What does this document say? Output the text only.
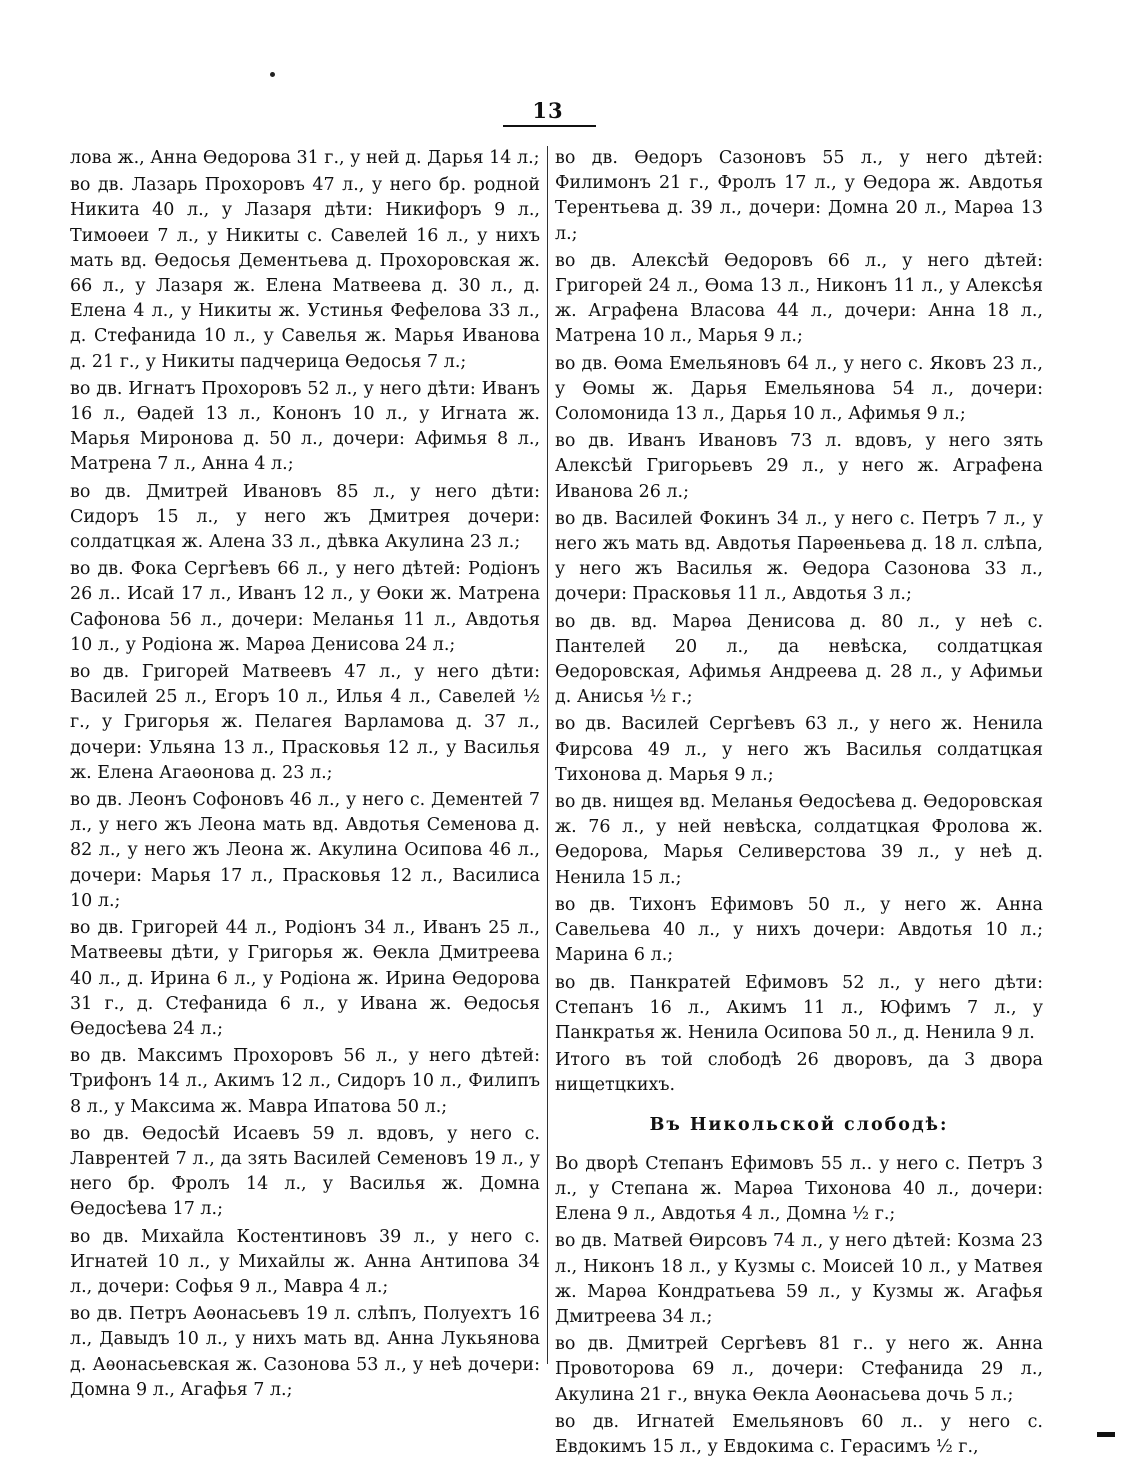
13

лова ж., Анна Ѳедорова 31 г., у ней д. Дарья 14 л.;

во дв. Лазарь Прохоровъ 47 л., у него бр. родной Никита 40 л., у Лазаря дѣти: Никифоръ 9 л., Тимоѳеи 7 л., у Никиты с. Савелей 16 л., у нихъ мать вд. Ѳедосья Дементьева д. Прохоровская ж. 66 л., у Лазаря ж. Елена Матвеева д. 30 л., д. Елена 4 л., у Никиты ж. Устинья Фефелова 33 л., д. Стефанида 10 л., у Савелья ж. Марья Иванова д. 21 г., у Никиты падчерица Ѳедосья 7 л.;

во дв. Игнатъ Прохоровъ 52 л., у него дѣти: Иванъ 16 л., Ѳадей 13 л., Кононъ 10 л., у Игната ж. Марья Миронова д. 50 л., дочери: Афимья 8 л., Матрена 7 л., Анна 4 л.;

во дв. Дмитрей Ивановъ 85 л., у него дѣти: Сидоръ 15 л., у него жъ Дмитрея дочери: солдатцкая ж. Алена 33 л., дѣвка Акулина 23 л.;

во дв. Фока Сергѣевъ 66 л., у него дѣтей: Родіонъ 26 л.. Исай 17 л., Иванъ 12 л., у Ѳоки ж. Матрена Сафонова 56 л., дочери: Меланья 11 л., Авдотья 10 л., у Родіона ж. Марѳа Денисова 24 л.;

во дв. Григорей Матвеевъ 47 л., у него дѣти: Василей 25 л., Егоръ 10 л., Илья 4 л., Савелей ½ г., у Григорья ж. Пелагея Варламова д. 37 л., дочери: Ульяна 13 л., Прасковья 12 л., у Василья ж. Елена Агаѳонова д. 23 л.;

во дв. Леонъ Софоновъ 46 л., у него с. Дементей 7 л., у него жъ Леона мать вд. Авдотья Семенова д. 82 л., у него жъ Леона ж. Акулина Осипова 46 л., дочери: Марья 17 л., Прасковья 12 л., Василиса 10 л.;

во дв. Григорей 44 л., Родіонъ 34 л., Иванъ 25 л., Матвеевы дѣти, у Григорья ж. Ѳекла Дмитреева 40 л., д. Ирина 6 л., у Родіона ж. Ирина Ѳедорова 31 г., д. Стефанида 6 л., у Ивана ж. Ѳедосья Ѳедосѣева 24 л.;

во дв. Максимъ Прохоровъ 56 л., у него дѣтей: Трифонъ 14 л., Акимъ 12 л., Сидоръ 10 л., Филипъ 8 л., у Максима ж. Мавра Ипатова 50 л.;

во дв. Ѳедосѣй Исаевъ 59 л. вдовъ, у него с. Лаврентей 7 л., да зять Василей Семеновъ 19 л., у него бр. Фролъ 14 л., у Василья ж. Домна Ѳедосѣева 17 л.;

во дв. Михайла Костентиновъ 39 л., у него с. Игнатей 10 л., у Михайлы ж. Анна Антипова 34 л., дочери: Софья 9 л., Мавра 4 л.;

во дв. Петръ Аѳонасьевъ 19 л. слѣпъ, Полуехтъ 16 л., Давыдъ 10 л., у нихъ мать вд. Анна Лукьянова д. Аѳонасьевская ж. Сазонова 53 л., у неѣ дочери: Домна 9 л., Агафья 7 л.;

во дв. Ѳедоръ Сазоновъ 55 л., у него дѣтей: Филимонъ 21 г., Фролъ 17 л., у Ѳедора ж. Авдотья Терентьева д. 39 л., дочери: Домна 20 л., Марѳа 13 л.;

во дв. Алексѣй Ѳедоровъ 66 л., у него дѣтей: Григорей 24 л., Ѳома 13 л., Никонъ 11 л., у Алексѣя ж. Аграфена Власова 44 л., дочери: Анна 18 л., Матрена 10 л., Марья 9 л.;

во дв. Ѳома Емельяновъ 64 л., у него с. Яковъ 23 л., у Ѳомы ж. Дарья Емельянова 54 л., дочери: Соломонида 13 л., Дарья 10 л., Афимья 9 л.;

во дв. Иванъ Ивановъ 73 л. вдовъ, у него зять Алексѣй Григорьевъ 29 л., у него ж. Аграфена Иванова 26 л.;

во дв. Василей Фокинъ 34 л., у него с. Петръ 7 л., у него жъ мать вд. Авдотья Парѳеньева д. 18 л. слѣпа, у него жъ Василья ж. Ѳедора Сазонова 33 л., дочери: Прасковья 11 л., Авдотья 3 л.;

во дв. вд. Марѳа Денисова д. 80 л., у неѣ с. Пантелей 20 л., да невѣска, солдатцкая Ѳедоровская, Афимья Андреева д. 28 л., у Афимьи д. Анисья ½ г.;

во дв. Василей Сергѣевъ 63 л., у него ж. Ненила Фирсова 49 л., у него жъ Василья солдатцкая Тихонова д. Марья 9 л.;

во дв. нищея вд. Меланья Ѳедосѣева д. Ѳедоровская ж. 76 л., у ней невѣска, солдатцкая Фролова ж. Ѳедорова, Марья Селиверстова 39 л., у неѣ д. Ненила 15 л.;

во дв. Тихонъ Ефимовъ 50 л., у него ж. Анна Савельева 40 л., у нихъ дочери: Авдотья 10 л.; Марина 6 л.;

во дв. Панкратей Ефимовъ 52 л., у него дѣти: Степанъ 16 л., Акимъ 11 л., Юфимъ 7 л., у Панкратья ж. Ненила Осипова 50 л., д. Ненила 9 л.

Итого въ той слободѣ 26 дворовъ, да 3 двора нищетцкихъ.

Въ Никольской слободѣ:

Во дворѣ Степанъ Ефимовъ 55 л.. у него с. Петръ 3 л., у Степана ж. Марѳа Тихонова 40 л., дочери: Елена 9 л., Авдотья 4 л., Домна ½ г.;

во дв. Матвей Ѳирсовъ 74 л., у него дѣтей: Козма 23 л., Никонъ 18 л., у Кузмы с. Моисей 10 л., у Матвея ж. Марѳа Кондратьева 59 л., у Кузмы ж. Агафья Дмитреева 34 л.;

во дв. Дмитрей Сергѣевъ 81 г.. у него ж. Анна Провоторова 69 л., дочери: Стефанида 29 л., Акулина 21 г., внука Ѳекла Аѳонасьева дочь 5 л.;

во дв. Игнатей Емельяновъ 60 л.. у него с. Евдокимъ 15 л., у Евдокима с. Герасимъ ½ г.,
